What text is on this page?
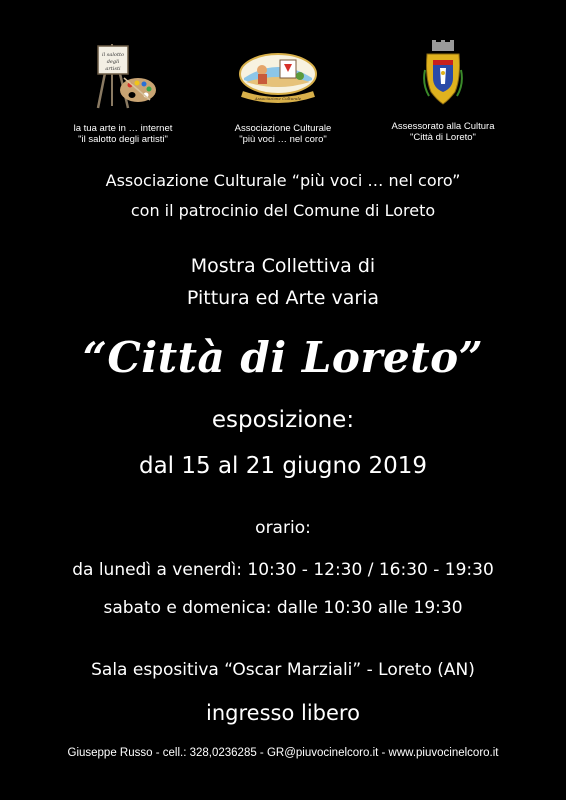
il salotto
degli
artisti
la tua arte in … internet
"il salotto degli artisti"
Associazione Culturale
Associazione Culturale
"più voci … nel coro"
Assessorato alla Cultura
"Città di Loreto"
Associazione Culturale “più voci … nel coro”
con il patrocinio del Comune di Loreto
Mostra Collettiva di
Pittura ed Arte varia
“Città di Loreto”
esposizione:
dal 15 al 21 giugno 2019
orario:
da lunedì a venerdì: 10:30 - 12:30 / 16:30 - 19:30
sabato e domenica: dalle 10:30 alle 19:30
Sala espositiva “Oscar Marziali” - Loreto (AN)
ingresso libero
Giuseppe Russo - cell.: 328,0236285 - GR@piuvocinelcoro.it - www.piuvocinelcoro.it
